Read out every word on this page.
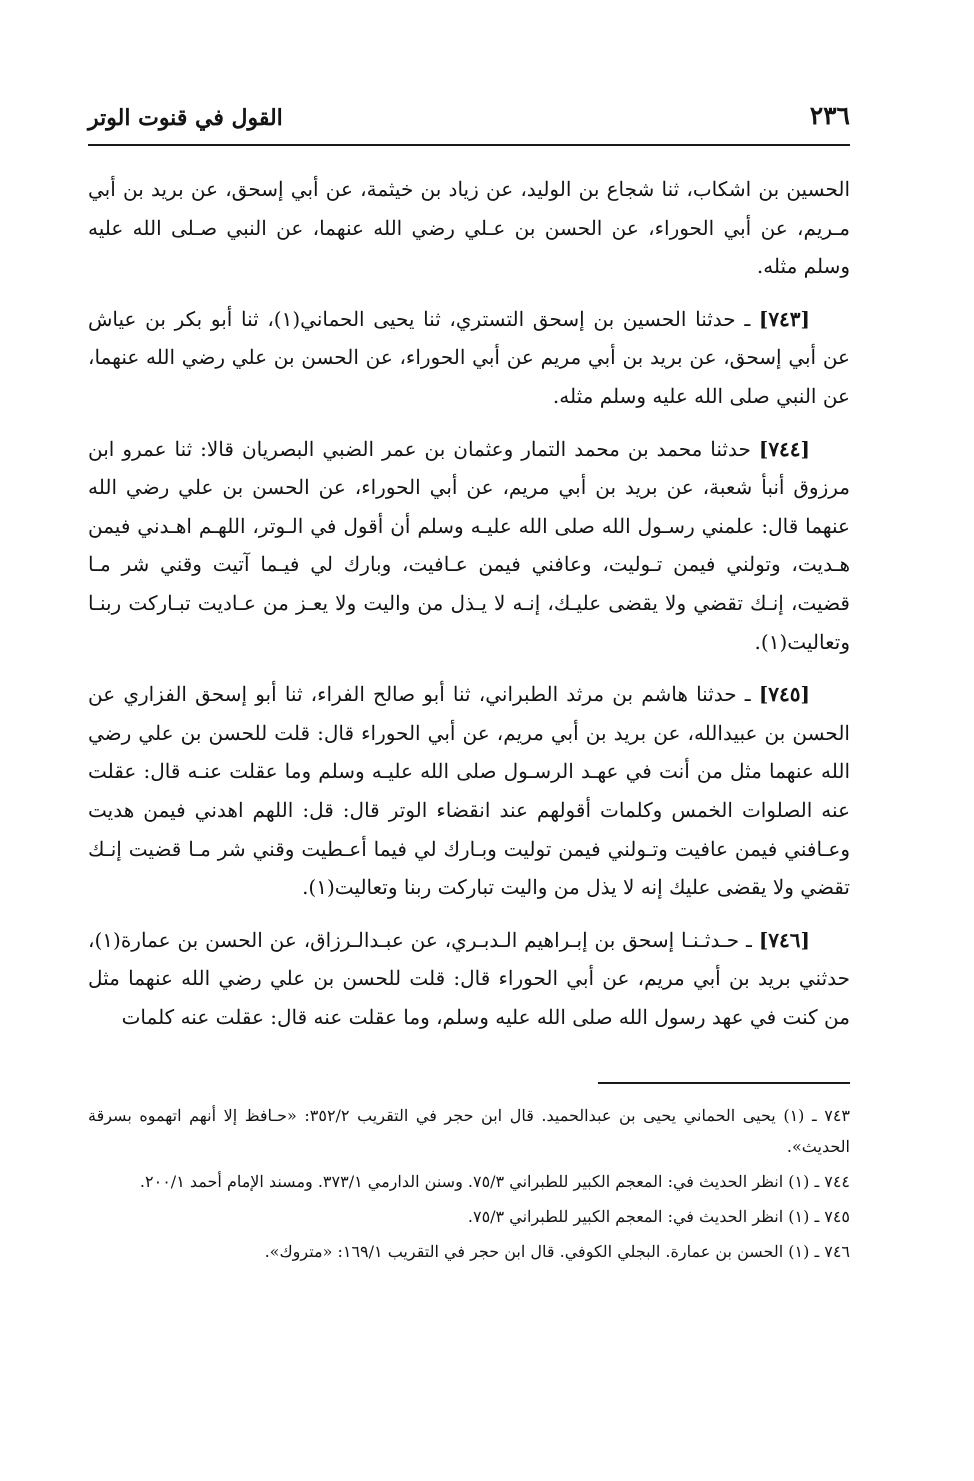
٢٣٦
القول في قنوت الوتر

الحسين بن اشكاب، ثنا شجاع بن الوليد، عن زياد بن خيثمة، عن أبي إسحق، عن بريد بن أبي مـريم، عن أبي الحوراء، عن الحسن بن عـلي رضي الله عنهما، عن النبي صـلى الله عليه وسلم مثله.

[٧٤٣] ـ حدثنا الحسين بن إسحق التستري، ثنا يحيى الحماني(١)، ثنا أبو بكر بن عياش عن أبي إسحق، عن بريد بن أبي مريم عن أبي الحوراء، عن الحسن بن علي رضي الله عنهما، عن النبي صلى الله عليه وسلم مثله.

[٧٤٤] حدثنا محمد بن محمد التمار وعثمان بن عمر الضبي البصريان قالا: ثنا عمرو ابن مرزوق أنبأ شعبة، عن بريد بن أبي مريم، عن أبي الحوراء، عن الحسن بن علي رضي الله عنهما قال: علمني رسـول الله صلى الله عليـه وسلم أن أقول في الـوتر، اللهـم اهـدني فيمن هـديت، وتولني فيمن تـوليت، وعافني فيمن عـافيت، وبارك لي فيـما آتيت وقني شر مـا قضيت، إنـك تقضي ولا يقضى عليـك، إنـه لا يـذل من واليت ولا يعـز من عـاديت تبـاركت ربنـا وتعاليت(١).

[٧٤٥] ـ حدثنا هاشم بن مرثد الطبراني، ثنا أبو صالح الفراء، ثنا أبو إسحق الفزاري عن الحسن بن عبيدالله، عن بريد بن أبي مريم، عن أبي الحوراء قال: قلت للحسن بن علي رضي الله عنهما مثل من أنت في عهـد الرسـول صلى الله عليـه وسلم وما عقلت عنـه قال: عقلت عنه الصلوات الخمس وكلمات أقولهم عند انقضاء الوتر قال: قل: اللهم اهدني فيمن هديت وعـافني فيمن عافيت وتـولني فيمن توليت وبـارك لي فيما أعـطيت وقني شر مـا قضيت إنـك تقضي ولا يقضى عليك إنه لا يذل من واليت تباركت ربنا وتعاليت(١).

[٧٤٦] ـ حـدثـنـا إسحق بن إبـراهيم الـدبـري، عن عبـدالـرزاق، عن الحسن بن عمارة(١)، حدثني بريد بن أبي مريم، عن أبي الحوراء قال: قلت للحسن بن علي رضي الله عنهما مثل من كنت في عهد رسول الله صلى الله عليه وسلم، وما عقلت عنه قال: عقلت عنه كلمات

٧٤٣ ـ (١) يحيى الحماني يحيى بن عبدالحميد. قال ابن حجر في التقريب ٣٥٢/٢: «حـافظ إلا أنهم اتهموه بسرقة الحديث».

٧٤٤ ـ (١) انظر الحديث في: المعجم الكبير للطبراني ٧٥/٣. وسنن الدارمي ٣٧٣/١. ومسند الإمام أحمد ٢٠٠/١.

٧٤٥ ـ (١) انظر الحديث في: المعجم الكبير للطبراني ٧٥/٣.

٧٤٦ ـ (١) الحسن بن عمارة. البجلي الكوفي. قال ابن حجر في التقريب ١٦٩/١: «متروك».
